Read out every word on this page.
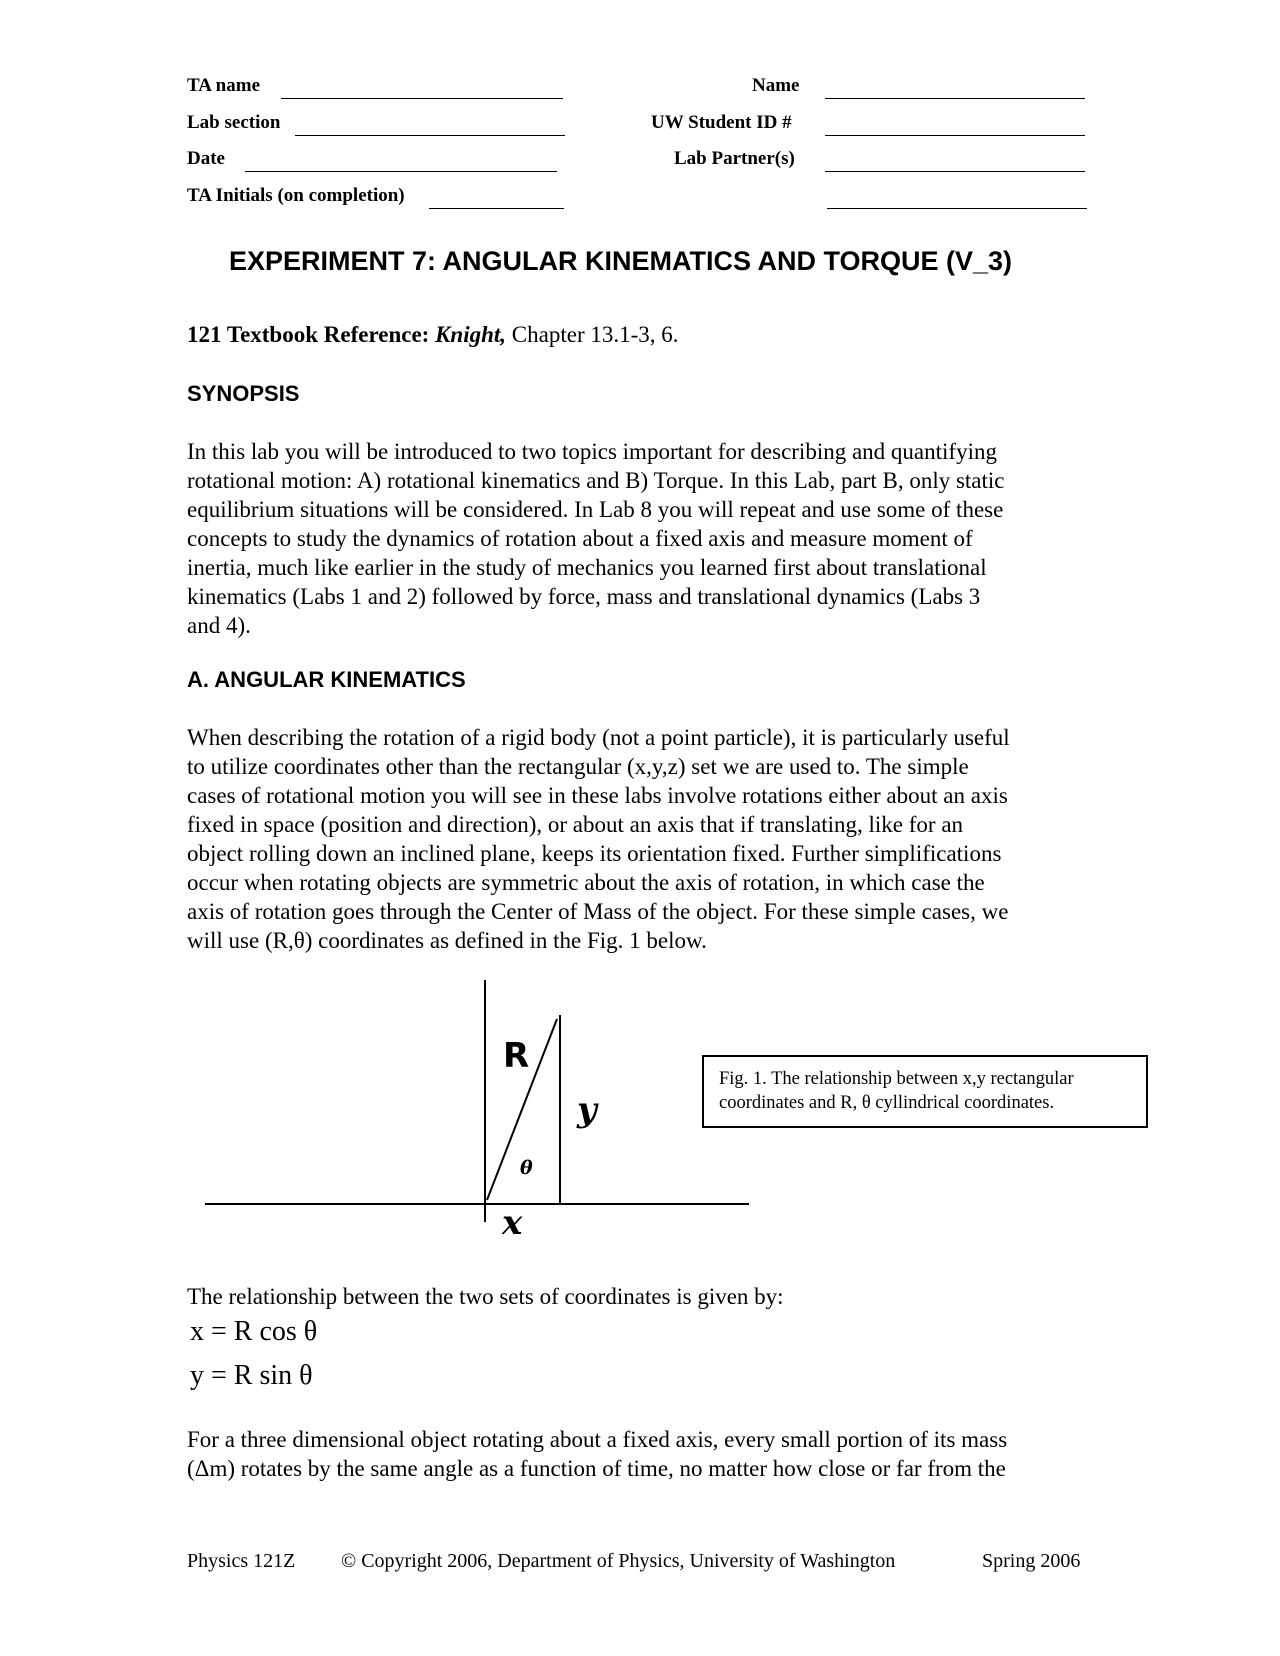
TA name
Lab section
Date
TA Initials (on completion)
Name
UW Student ID #
Lab Partner(s)
EXPERIMENT 7: ANGULAR KINEMATICS AND TORQUE (V_3)
121 Textbook Reference: Knight, Chapter 13.1-3, 6.
SYNOPSIS
In this lab you will be introduced to two topics important for describing and quantifying
rotational motion: A) rotational kinematics and B) Torque. In this Lab, part B, only static
equilibrium situations will be considered. In Lab 8 you will repeat and use some of these
concepts to study the dynamics of rotation about a fixed axis and measure moment of
inertia, much like earlier in the study of mechanics you learned first about translational
kinematics (Labs 1 and 2) followed by force, mass and translational dynamics (Labs 3
and 4).
A. ANGULAR KINEMATICS
When describing the rotation of a rigid body (not a point particle), it is particularly useful
to utilize coordinates other than the rectangular (x,y,z) set we are used to. The simple
cases of rotational motion you will see in these labs involve rotations either about an axis
fixed in space (position and direction), or about an axis that if translating, like for an
object rolling down an inclined plane, keeps its orientation fixed. Further simplifications
occur when rotating objects are symmetric about the axis of rotation, in which case the
axis of rotation goes through the Center of Mass of the object. For these simple cases, we
will use (R,θ) coordinates as defined in the Fig. 1 below.
R
y
θ
x
Fig. 1. The relationship between x,y rectangular
coordinates and R, θ cyllindrical coordinates.
The relationship between the two sets of coordinates is given by:
x = R cos θ
y = R sin θ
For a three dimensional object rotating about a fixed axis, every small portion of its mass
(Δm) rotates by the same angle as a function of time, no matter how close or far from the
Physics 121Z © Copyright 2006, Department of Physics, University of Washington	Spring 2006
